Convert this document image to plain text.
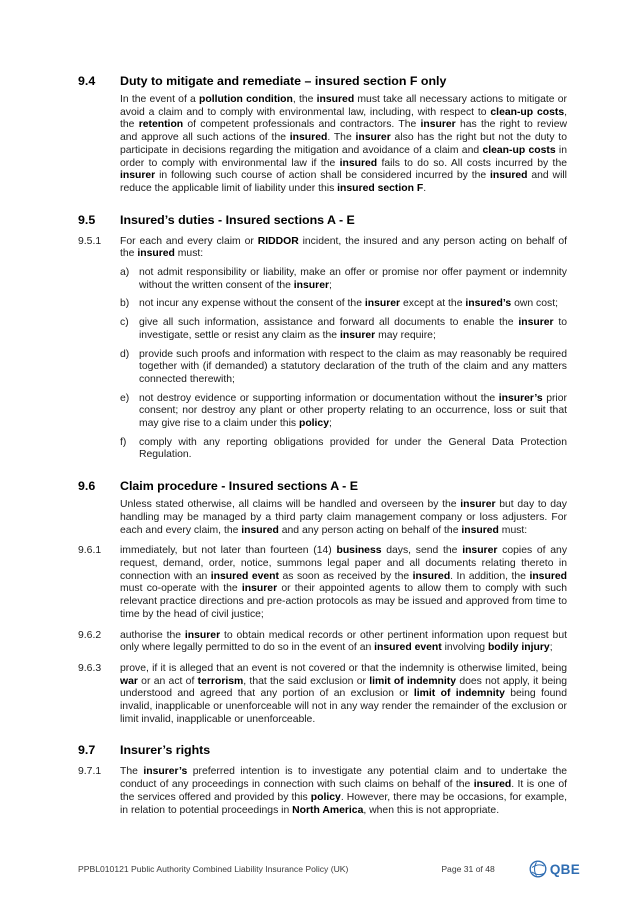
9.4	Duty to mitigate and remediate – insured section F only
In the event of a pollution condition, the insured must take all necessary actions to mitigate or avoid a claim and to comply with environmental law, including, with respect to clean-up costs, the retention of competent professionals and contractors. The insurer has the right to review and approve all such actions of the insured. The insurer also has the right but not the duty to participate in decisions regarding the mitigation and avoidance of a claim and clean-up costs in order to comply with environmental law if the insured fails to do so. All costs incurred by the insurer in following such course of action shall be considered incurred by the insured and will reduce the applicable limit of liability under this insured section F.
9.5	Insured’s duties - Insured sections A - E
9.5.1	For each and every claim or RIDDOR incident, the insured and any person acting on behalf of the insured must:
a) not admit responsibility or liability, make an offer or promise nor offer payment or indemnity without the written consent of the insurer;
b) not incur any expense without the consent of the insurer except at the insured’s own cost;
c) give all such information, assistance and forward all documents to enable the insurer to investigate, settle or resist any claim as the insurer may require;
d) provide such proofs and information with respect to the claim as may reasonably be required together with (if demanded) a statutory declaration of the truth of the claim and any matters connected therewith;
e) not destroy evidence or supporting information or documentation without the insurer’s prior consent; nor destroy any plant or other property relating to an occurrence, loss or suit that may give rise to a claim under this policy;
f)	comply with any reporting obligations provided for under the General Data Protection Regulation.
9.6	Claim procedure - Insured sections A - E
Unless stated otherwise, all claims will be handled and overseen by the insurer but day to day handling may be managed by a third party claim management company or loss adjusters. For each and every claim, the insured and any person acting on behalf of the insured must:
9.6.1	immediately, but not later than fourteen (14) business days, send the insurer copies of any request, demand, order, notice, summons legal paper and all documents relating thereto in connection with an insured event as soon as received by the insured. In addition, the insured must co-operate with the insurer or their appointed agents to allow them to comply with such relevant practice directions and pre-action protocols as may be issued and approved from time to time by the head of civil justice;
9.6.2	authorise the insurer to obtain medical records or other pertinent information upon request but only where legally permitted to do so in the event of an insured event involving bodily injury;
9.6.3	prove, if it is alleged that an event is not covered or that the indemnity is otherwise limited, being war or an act of terrorism, that the said exclusion or limit of indemnity does not apply, it being understood and agreed that any portion of an exclusion or limit of indemnity being found invalid, inapplicable or unenforceable will not in any way render the remainder of the exclusion or limit invalid, inapplicable or unenforceable.
9.7	Insurer’s rights
9.7.1	The insurer’s preferred intention is to investigate any potential claim and to undertake the conduct of any proceedings in connection with such claims on behalf of the insured. It is one of the services offered and provided by this policy. However, there may be occasions, for example, in relation to potential proceedings in North America, when this is not appropriate.
PPBL010121 Public Authority Combined Liability Insurance Policy (UK)	Page 31 of 48	QBE
